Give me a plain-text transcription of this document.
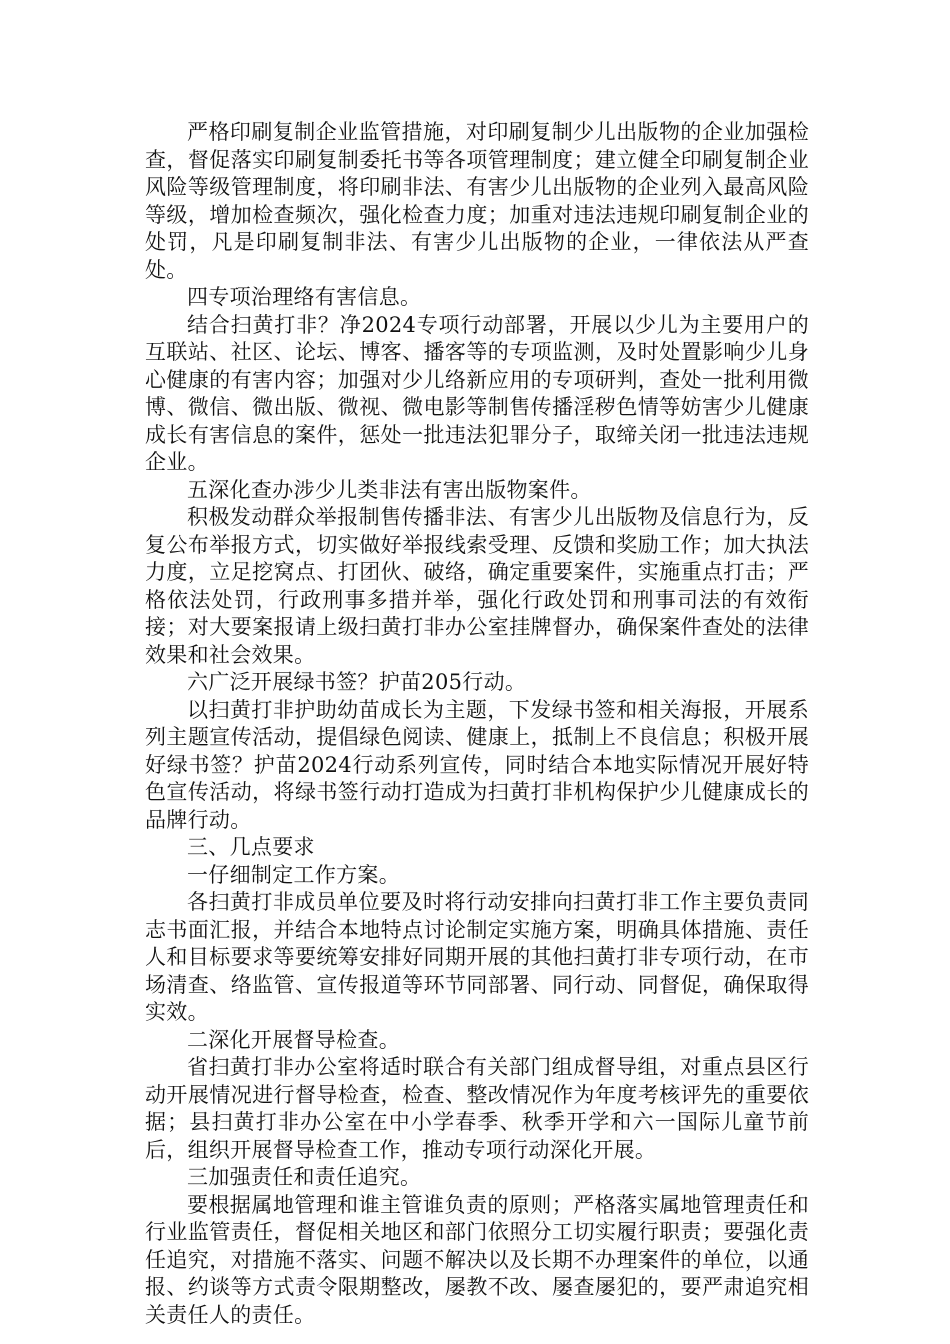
严格印刷复制企业监管措施，对印刷复制少儿出版物的企业加强检查，督促落实印刷复制委托书等各项管理制度；建立健全印刷复制企业风险等级管理制度，将印刷非法、有害少儿出版物的企业列入最高风险等级，增加检查频次，强化检查力度；加重对违法违规印刷复制企业的处罚，凡是印刷复制非法、有害少儿出版物的企业，一律依法从严查处。

四专项治理络有害信息。

结合扫黄打非？净2024专项行动部署，开展以少儿为主要用户的互联站、社区、论坛、博客、播客等的专项监测，及时处置影响少儿身心健康的有害内容；加强对少儿络新应用的专项研判，查处一批利用微博、微信、微出版、微视、微电影等制售传播淫秽色情等妨害少儿健康成长有害信息的案件，惩处一批违法犯罪分子，取缔关闭一批违法违规企业。

五深化查办涉少儿类非法有害出版物案件。

积极发动群众举报制售传播非法、有害少儿出版物及信息行为，反复公布举报方式，切实做好举报线索受理、反馈和奖励工作；加大执法力度，立足挖窝点、打团伙、破络，确定重要案件，实施重点打击；严格依法处罚，行政刑事多措并举，强化行政处罚和刑事司法的有效衔接；对大要案报请上级扫黄打非办公室挂牌督办，确保案件查处的法律效果和社会效果。

六广泛开展绿书签？护苗205行动。

以扫黄打非护助幼苗成长为主题，下发绿书签和相关海报，开展系列主题宣传活动，提倡绿色阅读、健康上，抵制上不良信息；积极开展好绿书签？护苗2024行动系列宣传，同时结合本地实际情况开展好特色宣传活动，将绿书签行动打造成为扫黄打非机构保护少儿健康成长的品牌行动。

三、几点要求

一仔细制定工作方案。

各扫黄打非成员单位要及时将行动安排向扫黄打非工作主要负责同志书面汇报，并结合本地特点讨论制定实施方案，明确具体措施、责任人和目标要求等要统筹安排好同期开展的其他扫黄打非专项行动，在市场清查、络监管、宣传报道等环节同部署、同行动、同督促，确保取得实效。

二深化开展督导检查。

省扫黄打非办公室将适时联合有关部门组成督导组，对重点县区行动开展情况进行督导检查，检查、整改情况作为年度考核评先的重要依据；县扫黄打非办公室在中小学春季、秋季开学和六一国际儿童节前后，组织开展督导检查工作，推动专项行动深化开展。

三加强责任和责任追究。

要根据属地管理和谁主管谁负责的原则；严格落实属地管理责任和行业监管责任，督促相关地区和部门依照分工切实履行职责；要强化责任追究，对措施不落实、问题不解决以及长期不办理案件的单位，以通报、约谈等方式责令限期整改，屡教不改、屡查屡犯的，要严肃追究相关责任人的责任。
